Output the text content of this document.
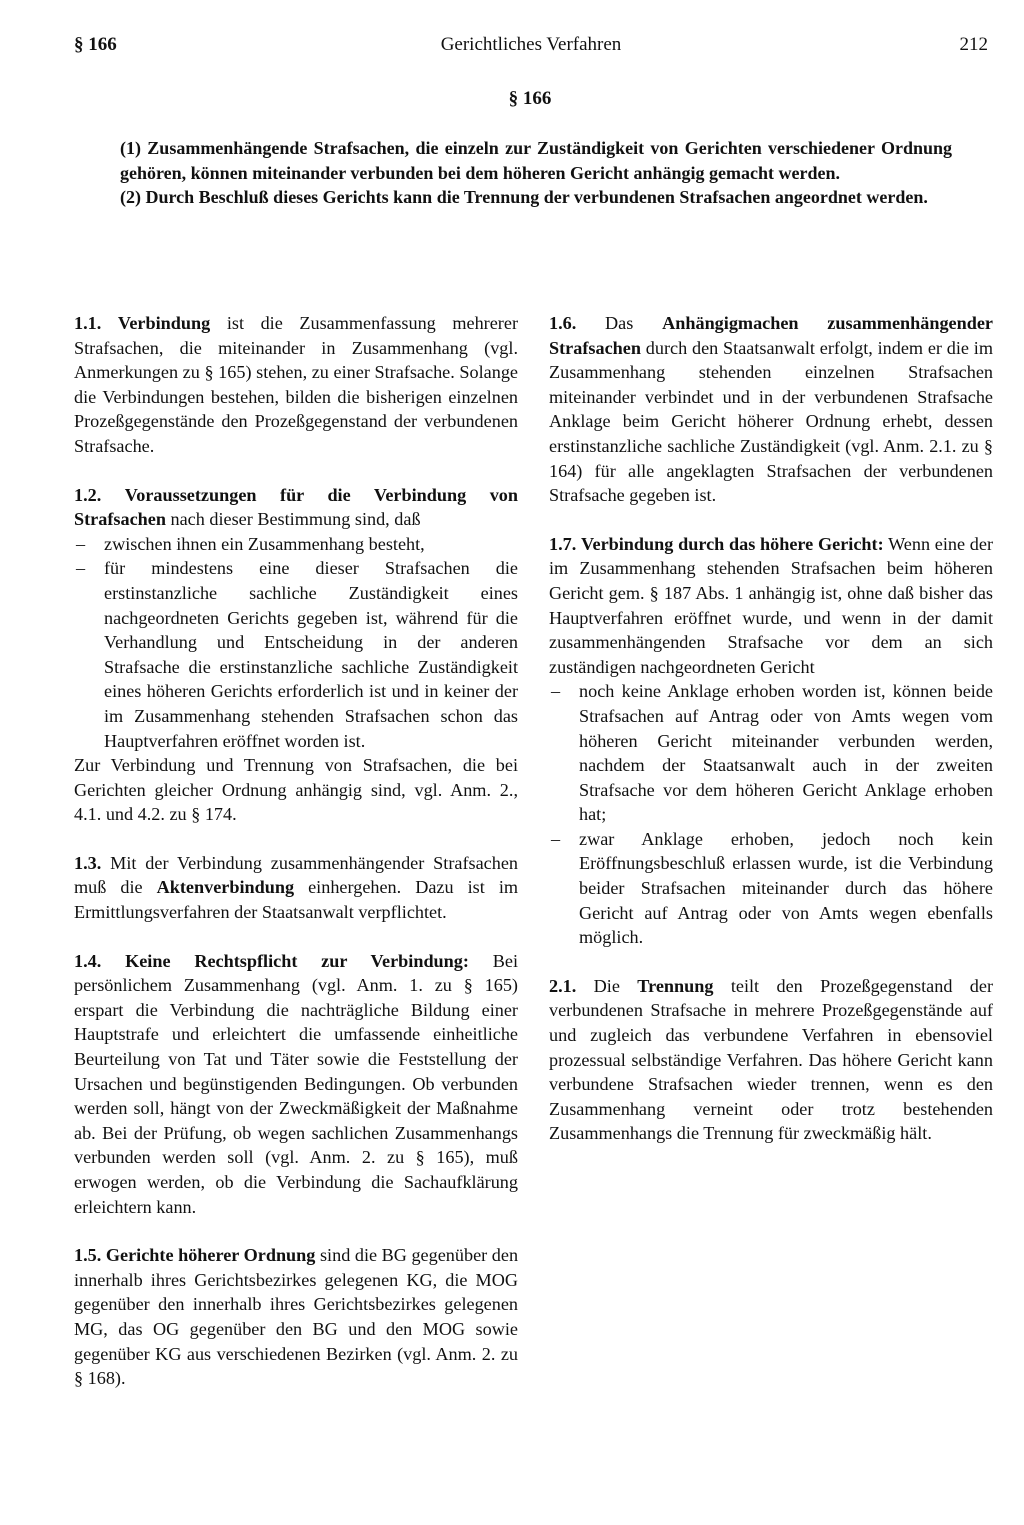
§ 166	Gerichtliches Verfahren	212
§ 166

(1) Zusammenhängende Strafsachen, die einzeln zur Zuständigkeit von Gerichten verschiedener Ordnung gehören, können miteinander verbunden bei dem höheren Gericht anhängig gemacht werden.

(2) Durch Beschluß dieses Gerichts kann die Trennung der verbundenen Strafsachen angeordnet werden.

1.1. Verbindung ist die Zusammenfassung mehrerer Strafsachen, die miteinander in Zusammenhang (vgl. Anmerkungen zu § 165) stehen, zu einer Strafsache. Solange die Verbindungen bestehen, bilden die bisherigen einzelnen Prozeßgegenstände den Prozeßgegenstand der verbundenen Strafsache.

1.2. Voraussetzungen für die Verbindung von Strafsachen nach dieser Bestimmung sind, daß

– zwischen ihnen ein Zusammenhang besteht,
– für mindestens eine dieser Strafsachen die erstinstanzliche sachliche Zuständigkeit eines nachgeordneten Gerichts gegeben ist, während für die Verhandlung und Entscheidung in der anderen Strafsache die erstinstanzliche sachliche Zuständigkeit eines höheren Gerichts erforderlich ist und in keiner der im Zusammenhang stehenden Strafsachen schon das Hauptverfahren eröffnet worden ist.

Zur Verbindung und Trennung von Strafsachen, die bei Gerichten gleicher Ordnung anhängig sind, vgl. Anm. 2., 4.1. und 4.2. zu § 174.

1.3. Mit der Verbindung zusammenhängender Strafsachen muß die Aktenverbindung einhergehen. Dazu ist im Ermittlungsverfahren der Staatsanwalt verpflichtet.

1.4. Keine Rechtspflicht zur Verbindung: Bei persönlichem Zusammenhang (vgl. Anm. 1. zu § 165) erspart die Verbindung die nachträgliche Bildung einer Hauptstrafe und erleichtert die umfassende einheitliche Beurteilung von Tat und Täter sowie die Feststellung der Ursachen und begünstigenden Bedingungen. Ob verbunden werden soll, hängt von der Zweckmäßigkeit der Maßnahme ab. Bei der Prüfung, ob wegen sachlichen Zusammenhangs verbunden werden soll (vgl. Anm. 2. zu § 165), muß erwogen werden, ob die Verbindung die Sachaufklärung erleichtern kann.

1.5. Gerichte höherer Ordnung sind die BG gegenüber den innerhalb ihres Gerichtsbezirkes gelegenen KG, die MOG gegenüber den innerhalb ihres Gerichtsbezirkes gelegenen MG, das OG gegenüber den BG und den MOG sowie gegenüber KG aus verschiedenen Bezirken (vgl. Anm. 2. zu § 168).

1.6. Das Anhängigmachen zusammenhängender Strafsachen durch den Staatsanwalt erfolgt, indem er die im Zusammenhang stehenden einzelnen Strafsachen miteinander verbindet und in der verbundenen Strafsache Anklage beim Gericht höherer Ordnung erhebt, dessen erstinstanzliche sachliche Zuständigkeit (vgl. Anm. 2.1. zu § 164) für alle angeklagten Strafsachen der verbundenen Strafsache gegeben ist.

1.7. Verbindung durch das höhere Gericht: Wenn eine der im Zusammenhang stehenden Strafsachen beim höheren Gericht gem. § 187 Abs. 1 anhängig ist, ohne daß bisher das Hauptverfahren eröffnet wurde, und wenn in der damit zusammenhängenden Strafsache vor dem an sich zuständigen nachgeordneten Gericht

– noch keine Anklage erhoben worden ist, können beide Strafsachen auf Antrag oder von Amts wegen vom höheren Gericht miteinander verbunden werden, nachdem der Staatsanwalt auch in der zweiten Strafsache vor dem höheren Gericht Anklage erhoben hat;
– zwar Anklage erhoben, jedoch noch kein Eröffnungsbeschluß erlassen wurde, ist die Verbindung beider Strafsachen miteinander durch das höhere Gericht auf Antrag oder von Amts wegen ebenfalls möglich.

2.1. Die Trennung teilt den Prozeßgegenstand der verbundenen Strafsache in mehrere Prozeßgegenstände auf und zugleich das verbundene Verfahren in ebensoviel prozessual selbständige Verfahren. Das höhere Gericht kann verbundene Strafsachen wieder trennen, wenn es den Zusammenhang verneint oder trotz bestehenden Zusammenhangs die Trennung für zweckmäßig hält.
